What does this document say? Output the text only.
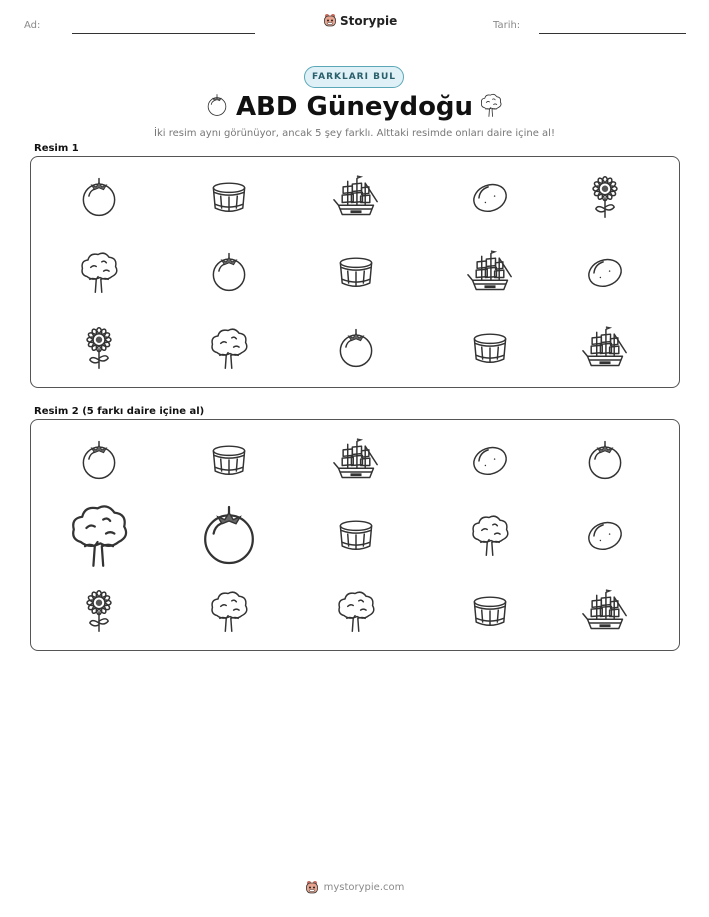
Ad:	Storypie	Tarih:
FARKLARI BUL
ABD Güneydoğu
İki resim aynı görünüyor, ancak 5 şey farklı. Alttaki resimde onları daire içine al!
Resim 1
Resim 2 (5 farkı daire içine al)
mystorypie.com
